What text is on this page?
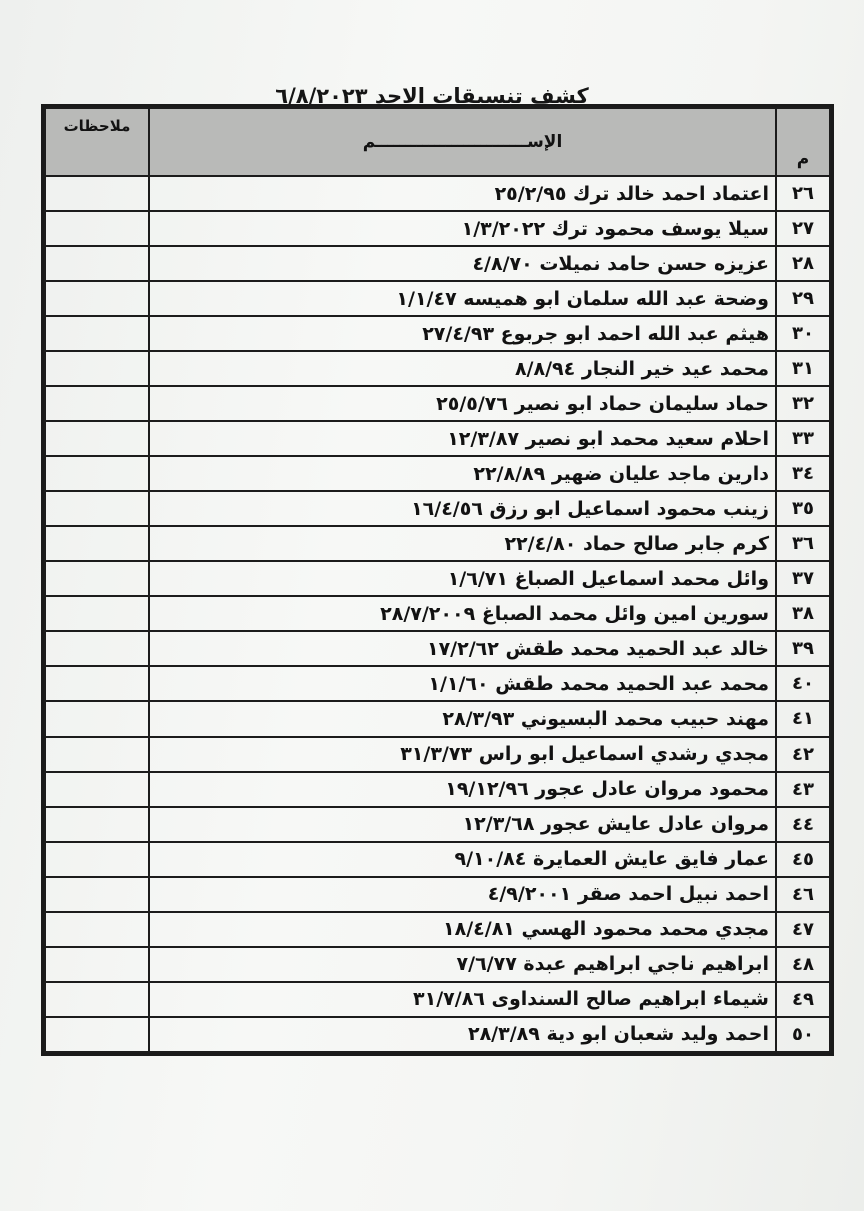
كشف تنسيقات الاحد ٦/٨/٢٠٢٣
م	الإســــــــــــــــــــــــــم	ملاحظات
٢٦	اعتماد احمد خالد ترك ٢٥/٢/٩٥	
٢٧	سيلا يوسف محمود ترك ١/٣/٢٠٢٢	
٢٨	عزيزه حسن حامد نميلات ٤/٨/٧٠	
٢٩	وضحة عبد الله سلمان ابو هميسه ١/١/٤٧	
٣٠	هيثم عبد الله احمد ابو جربوع ٢٧/٤/٩٣	
٣١	محمد عيد خير النجار ٨/٨/٩٤	
٣٢	حماد سليمان حماد ابو نصير ٢٥/٥/٧٦	
٣٣	احلام سعيد محمد ابو نصير ١٢/٣/٨٧	
٣٤	دارين ماجد عليان ضهير ٢٢/٨/٨٩	
٣٥	زينب محمود اسماعيل ابو رزق ١٦/٤/٥٦	
٣٦	كرم جابر صالح حماد ٢٢/٤/٨٠	
٣٧	وائل محمد اسماعيل الصباغ ١/٦/٧١	
٣٨	سورين امين وائل محمد الصباغ ٢٨/٧/٢٠٠٩	
٣٩	خالد عبد الحميد محمد طقش ١٧/٢/٦٢	
٤٠	محمد عبد الحميد محمد طقش ١/١/٦٠	
٤١	مهند حبيب محمد البسيوني ٢٨/٣/٩٣	
٤٢	مجدي رشدي اسماعيل ابو راس ٣١/٣/٧٣	
٤٣	محمود مروان عادل عجور ١٩/١٢/٩٦	
٤٤	مروان عادل عايش عجور ١٢/٣/٦٨	
٤٥	عمار فايق عايش العمايرة ٩/١٠/٨٤	
٤٦	احمد نبيل احمد صقر ٤/٩/٢٠٠١	
٤٧	مجدي محمد محمود الهسي ١٨/٤/٨١	
٤٨	ابراهيم ناجي ابراهيم عبدة ٧/٦/٧٧	
٤٩	شيماء ابراهيم صالح السنداوى ٣١/٧/٨٦	
٥٠	احمد وليد شعبان ابو دية ٢٨/٣/٨٩	
